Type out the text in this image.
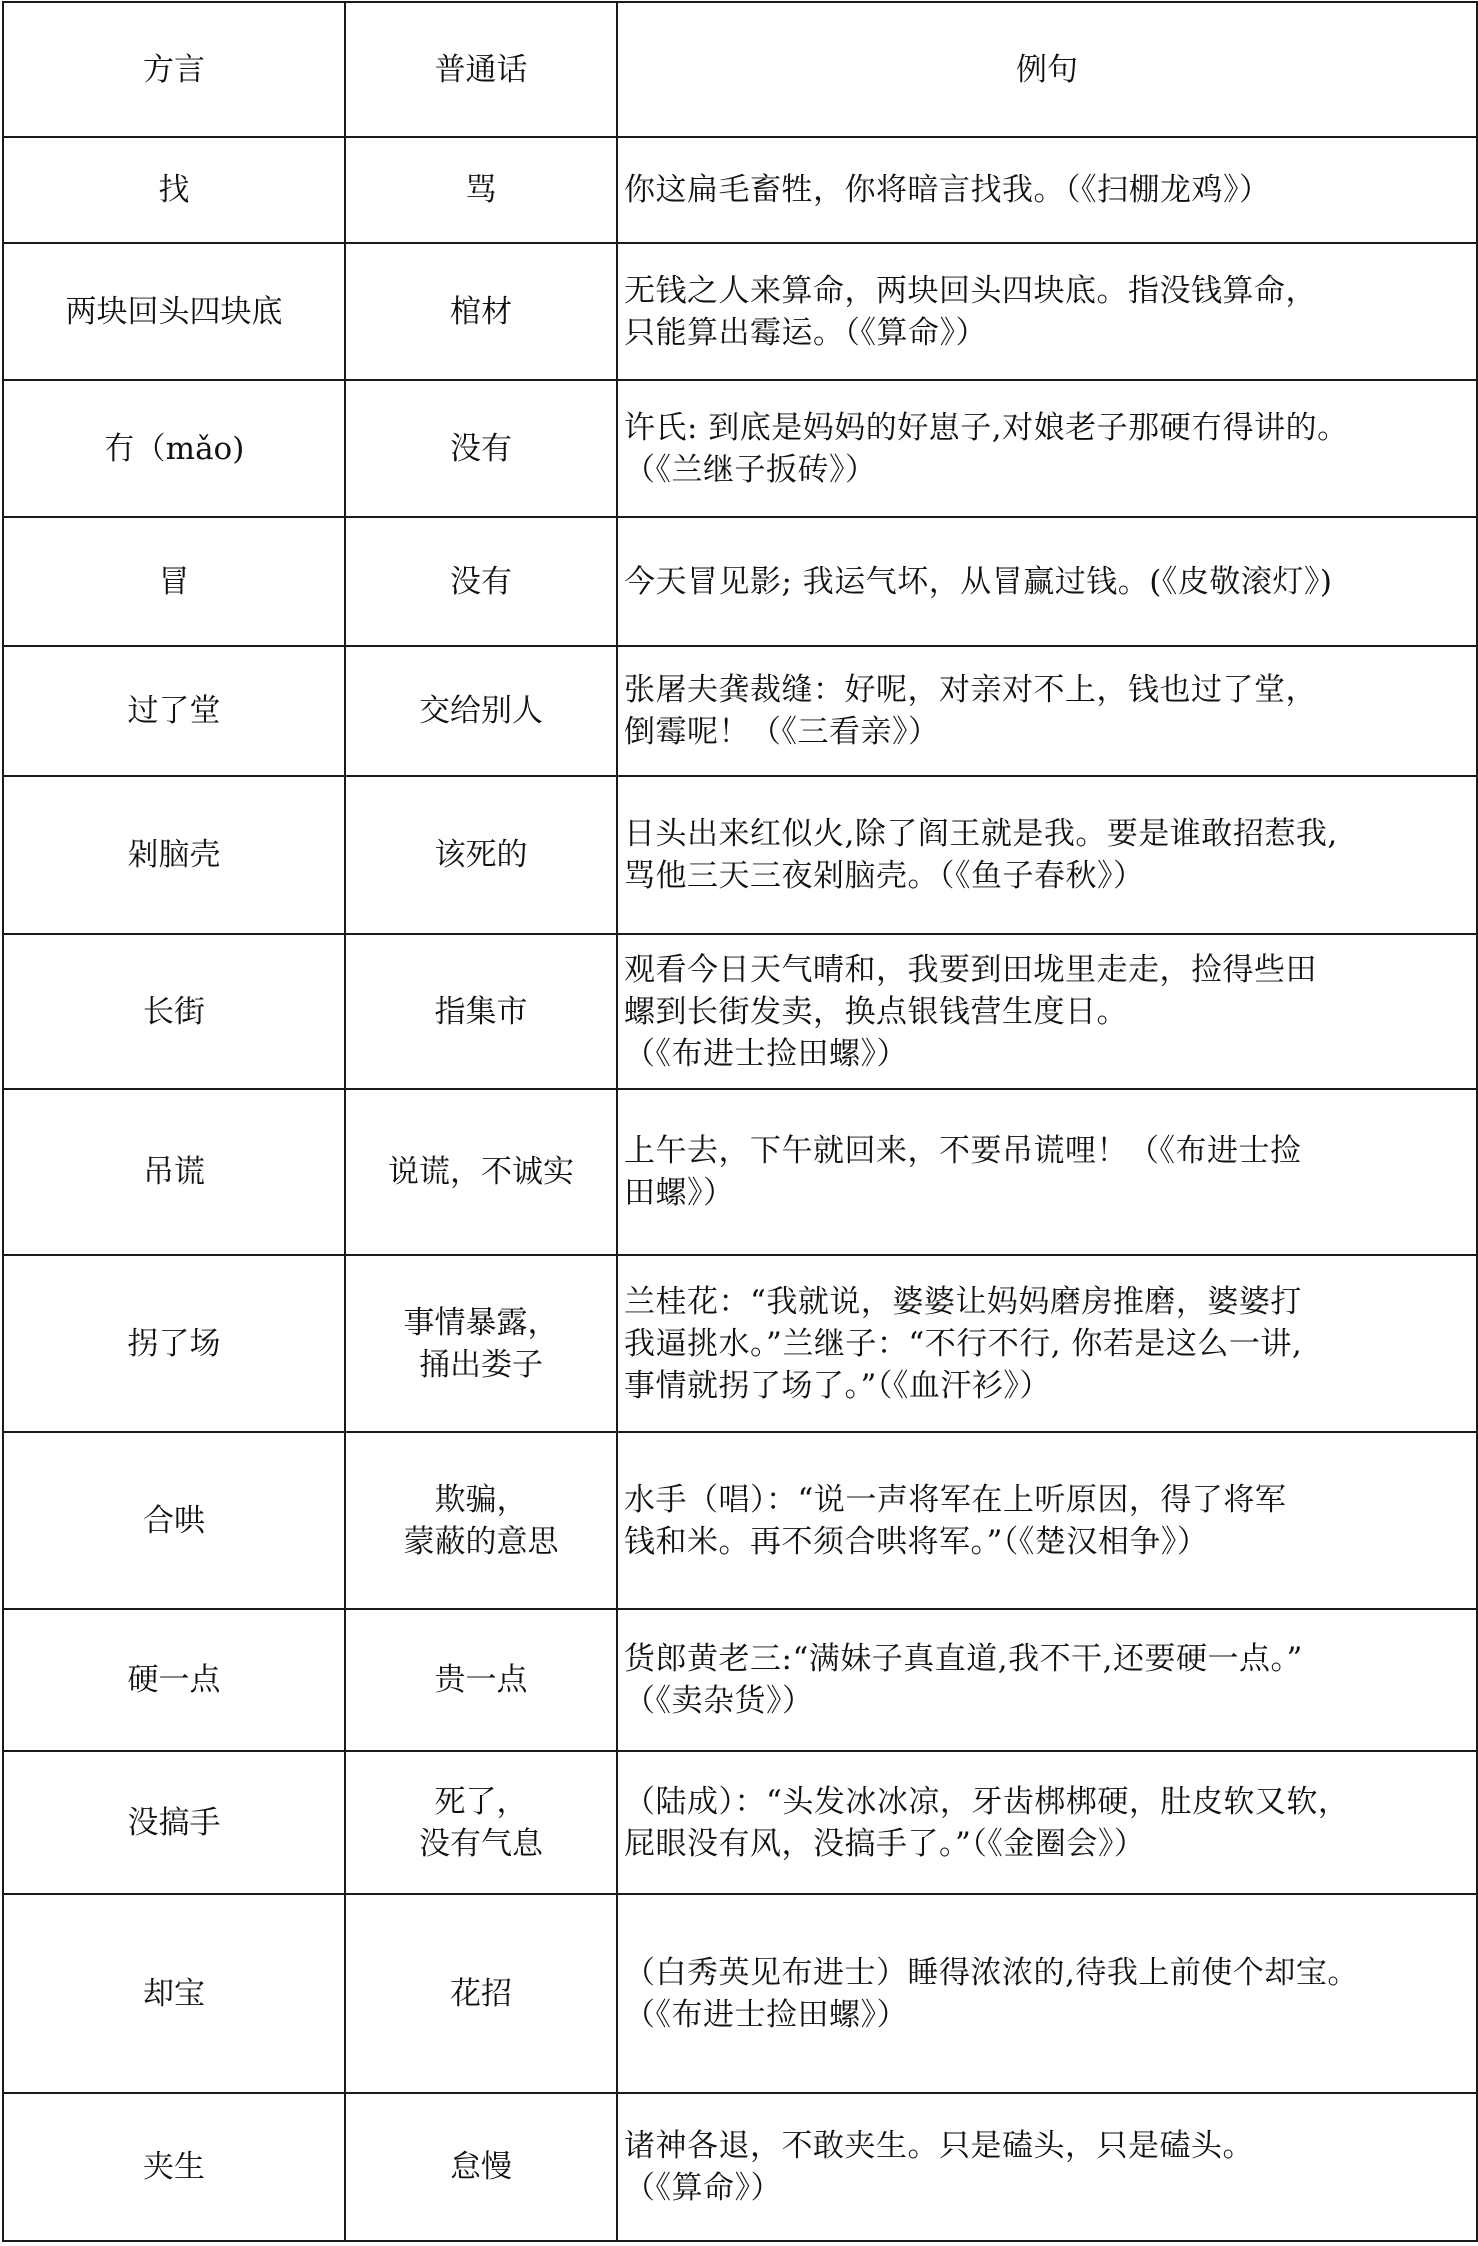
方言	普通话	例句

找	骂	你这扁毛畜牲，你将暗言找我。（《扫棚龙鸡》）

两块回头四块底	棺材	无钱之人来算命，两块回头四块底。指没钱算命，
只能算出霉运。（《算命》）

冇（mǎo)	没有	许氏: 到底是妈妈的好崽子,对娘老子那硬冇得讲的。
（《兰继子扳砖》）

冒	没有	今天冒见影; 我运气坏，从冒赢过钱。(《皮敬滚灯》)

过了堂	交给别人	张屠夫龚裁缝：好呢，对亲对不上，钱也过了堂，
倒霉呢！（《三看亲》）

剁脑壳	该死的	日头出来红似火,除了阎王就是我。要是谁敢招惹我,
骂他三天三夜剁脑壳。（《鱼子春秋》）

长街	指集市	观看今日天气晴和，我要到田垅里走走，捡得些田
螺到长街发卖，换点银钱营生度日。
（《布进士捡田螺》）

吊谎	说谎，不诚实	上午去，下午就回来，不要吊谎哩！（《布进士捡
田螺》）

拐了场	事情暴露，
捅出娄子	兰桂花：“我就说，婆婆让妈妈磨房推磨，婆婆打
我逼挑水。”兰继子：“不行不行, 你若是这么一讲,
事情就拐了场了。”（《血汗衫》）

合哄	欺骗，
蒙蔽的意思	水手（唱）：“说一声将军在上听原因，得了将军
钱和米。再不须合哄将军。”（《楚汉相争》）

硬一点	贵一点	货郎黄老三:“满妹子真直道,我不干,还要硬一点。”
（《卖杂货》）

没搞手	死了，
没有气息	（陆成）：“头发冰冰凉，牙齿梆梆硬，肚皮软又软，
屁眼没有风，没搞手了。”（《金圈会》）

却宝	花招	（白秀英见布进士）睡得浓浓的,待我上前使个却宝。
（《布进士捡田螺》）

夹生	怠慢	诸神各退，不敢夹生。只是磕头，只是磕头。
（《算命》）
